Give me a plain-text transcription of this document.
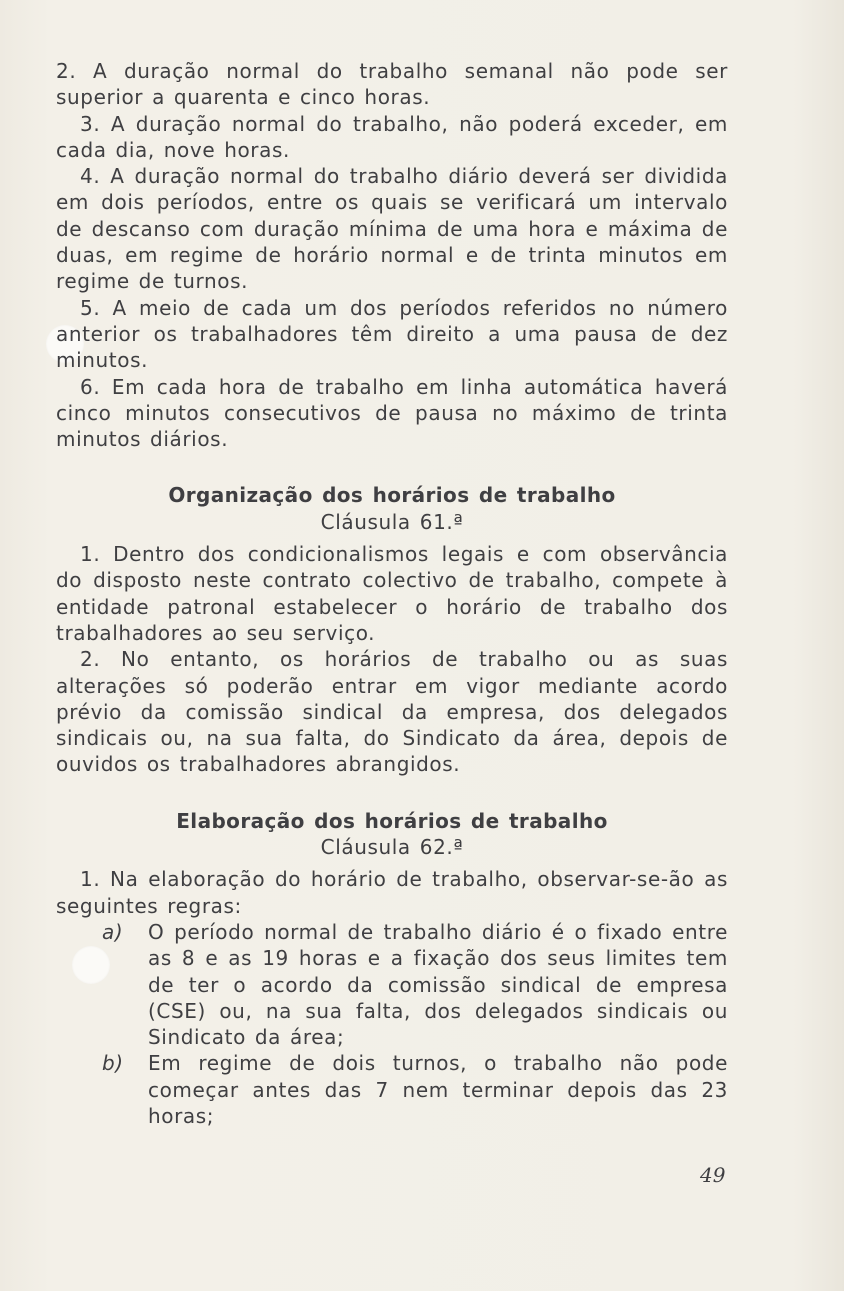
2. A duração normal do trabalho semanal não pode ser superior a quarenta e cinco horas.

3. A duração normal do trabalho, não poderá exceder, em cada dia, nove horas.

4. A duração normal do trabalho diário deverá ser dividida em dois períodos, entre os quais se verificará um intervalo de descanso com duração mínima de uma hora e máxima de duas, em regime de horário normal e de trinta minutos em regime de turnos.

5. A meio de cada um dos períodos referidos no número anterior os trabalhadores têm direito a uma pausa de dez minutos.

6. Em cada hora de trabalho em linha automática haverá cinco minutos consecutivos de pausa no máximo de trinta minutos diários.

Organização dos horários de trabalho

Cláusula 61.ª

1. Dentro dos condicionalismos legais e com observância do disposto neste contrato colectivo de trabalho, compete à entidade patronal estabelecer o horário de trabalho dos trabalhadores ao seu serviço.

2. No entanto, os horários de trabalho ou as suas alterações só poderão entrar em vigor mediante acordo prévio da comissão sindical da empresa, dos delegados sindicais ou, na sua falta, do Sindicato da área, depois de ouvidos os trabalhadores abrangidos.

Elaboração dos horários de trabalho

Cláusula 62.ª

1. Na elaboração do horário de trabalho, observar-se-ão as seguintes regras:

a) O período normal de trabalho diário é o fixado entre as 8 e as 19 horas e a fixação dos seus limites tem de ter o acordo da comissão sindical de empresa (CSE) ou, na sua falta, dos delegados sindicais ou Sindicato da área;
b) Em regime de dois turnos, o trabalho não pode começar antes das 7 nem terminar depois das 23 horas;
49
